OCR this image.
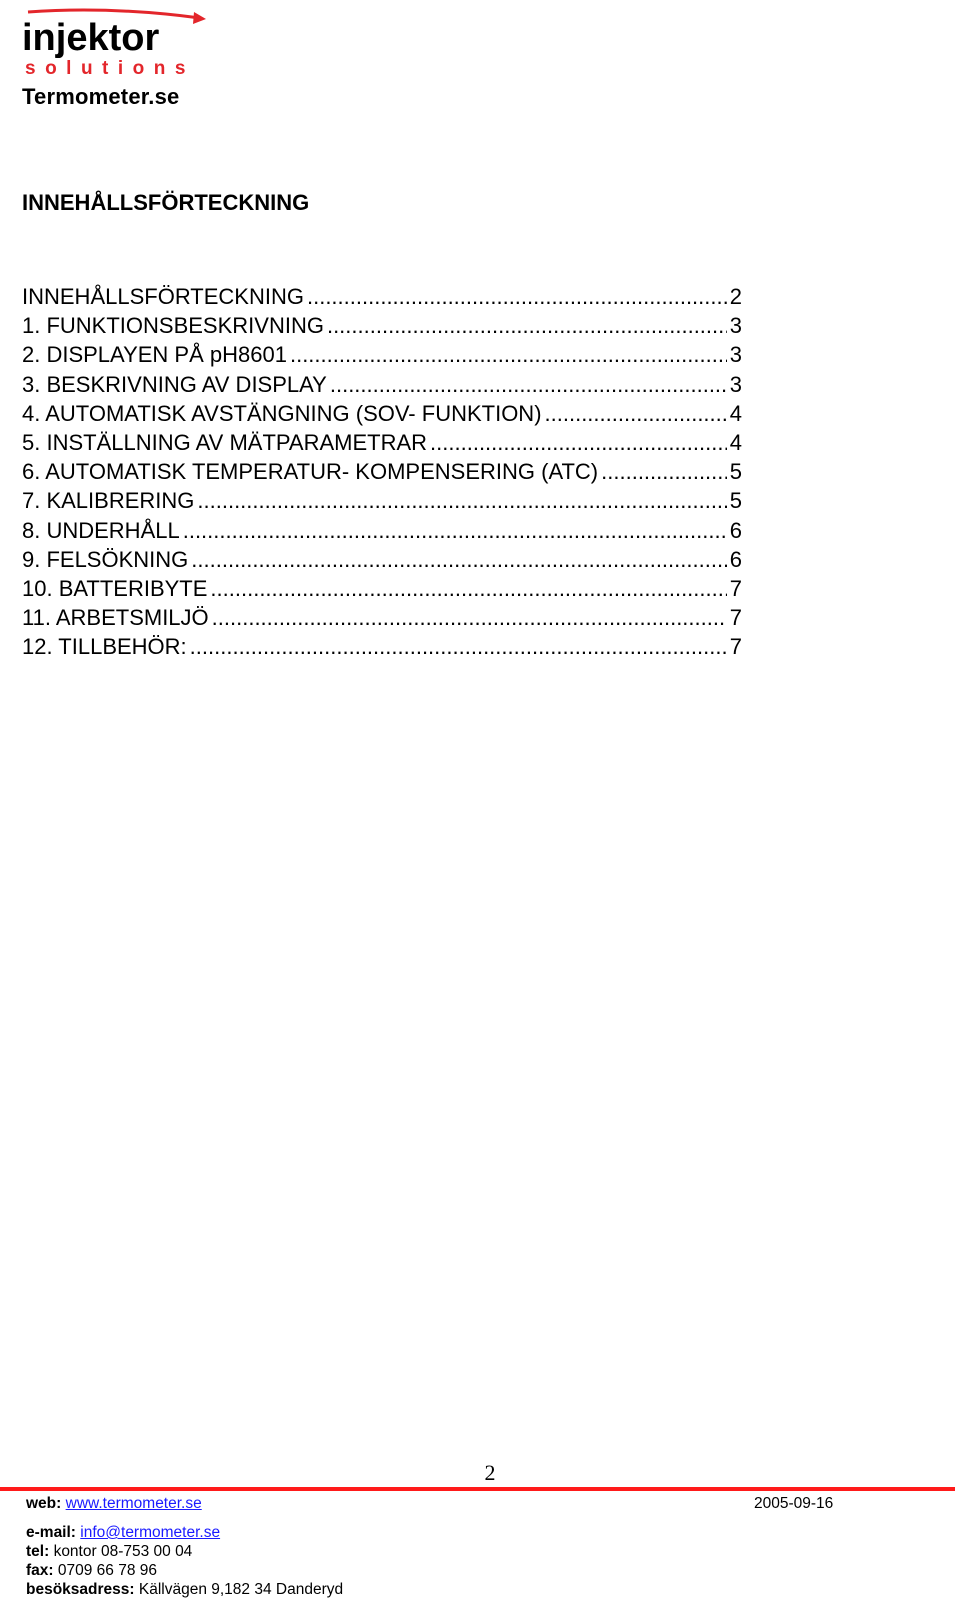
injektor
solutions
Termometer.se
INNEHÅLLSFÖRTECKNING
INNEHÅLLSFÖRTECKNING .....	2
1. FUNKTIONSBESKRIVNING .....	3
2. DISPLAYEN PÅ pH8601 .....	3
3. BESKRIVNING AV DISPLAY .....	3
4. AUTOMATISK AVSTÄNGNING (SOV- FUNKTION) .....	4
5. INSTÄLLNING AV MÄTPARAMETRAR .....	4
6. AUTOMATISK TEMPERATUR- KOMPENSERING (ATC) .....	5
7. KALIBRERING .....	5
8. UNDERHÅLL .....	6
9. FELSÖKNING .....	6
10. BATTERIBYTE .....	7
11. ARBETSMILJÖ .....	7
12. TILLBEHÖR: .....	7
2
web: www.termometer.se	2005-09-16
e-mail: info@termometer.se
tel: kontor 08-753 00 04
fax: 0709 66 78 96
besöksadress: Källvägen 9,182 34 Danderyd
